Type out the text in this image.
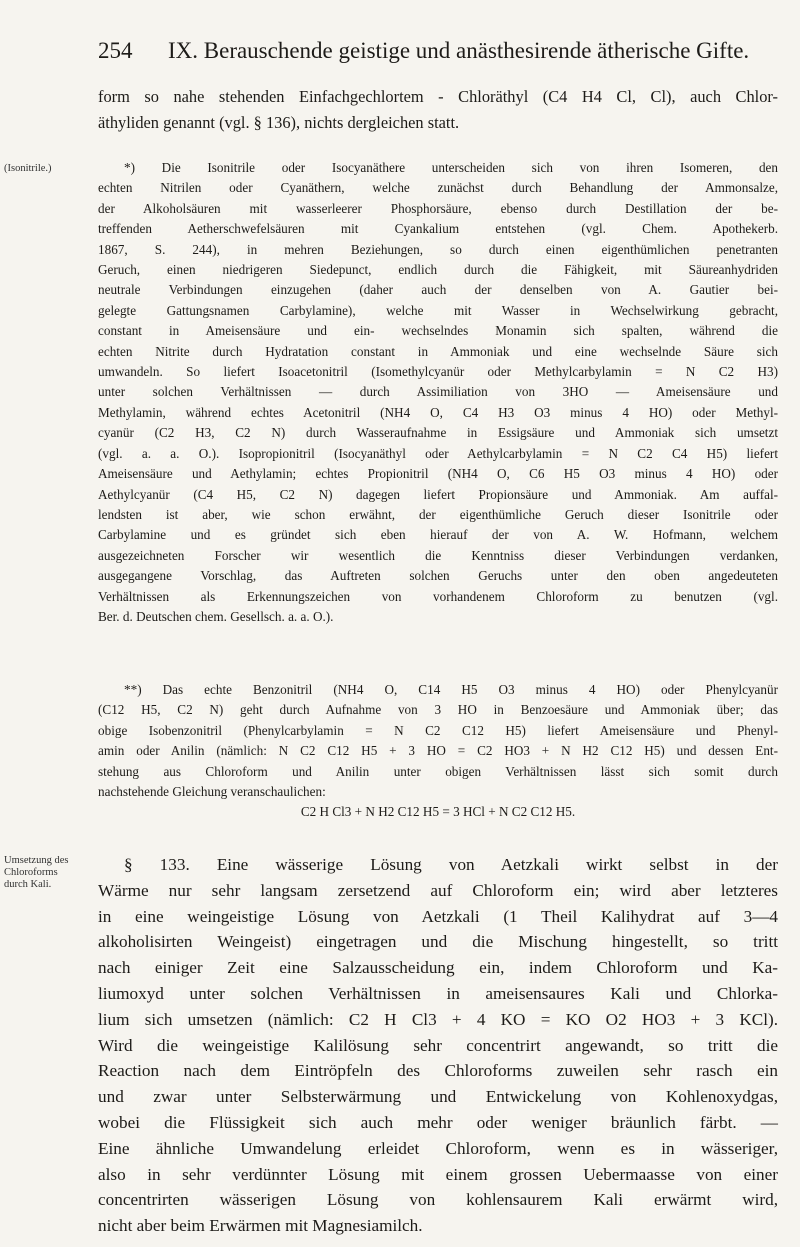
254 IX. Berauschende geistige und anästhesirende ätherische Gifte.
(Isonitrile.)
Umsetzung des Chloroforms durch Kali.
form so nahe stehenden Einfachgechlortem - Chloräthyl (C4 H4 Cl, Cl), auch Chlor-
äthyliden genannt (vgl. § 136), nichts dergleichen statt.
*) Die Isonitrile oder Isocyanäthere unterscheiden sich von ihren Isomeren, den
echten Nitrilen oder Cyanäthern, welche zunächst durch Behandlung der Ammonsalze,
der Alkoholsäuren mit wasserleerer Phosphorsäure, ebenso durch Destillation der be-
treffenden Aetherschwefelsäuren mit Cyankalium entstehen (vgl. Chem. Apothekerb.
1867, S. 244), in mehren Beziehungen, so durch einen eigenthümlichen penetranten
Geruch, einen niedrigeren Siedepunct, endlich durch die Fähigkeit, mit Säureanhydriden
neutrale Verbindungen einzugehen (daher auch der denselben von A. Gautier bei-
gelegte Gattungsnamen Carbylamine), welche mit Wasser in Wechselwirkung gebracht,
constant in Ameisensäure und ein- wechselndes Monamin sich spalten, während die
echten Nitrite durch Hydratation constant in Ammoniak und eine wechselnde Säure sich
umwandeln. So liefert Isoacetonitril (Isomethylcyanür oder Methylcarbylamin = N C2 H3)
unter solchen Verhältnissen — durch Assimiliation von 3HO — Ameisensäure und
Methylamin, während echtes Acetonitril (NH4 O, C4 H3 O3 minus 4 HO) oder Methyl-
cyanür (C2 H3, C2 N) durch Wasseraufnahme in Essigsäure und Ammoniak sich umsetzt
(vgl. a. a. O.). Isopropionitril (Isocyanäthyl oder Aethylcarbylamin = N C2 C4 H5) liefert
Ameisensäure und Aethylamin; echtes Propionitril (NH4 O, C6 H5 O3 minus 4 HO) oder
Aethylcyanür (C4 H5, C2 N) dagegen liefert Propionsäure und Ammoniak. Am auffal-
lendsten ist aber, wie schon erwähnt, der eigenthümliche Geruch dieser Isonitrile oder
Carbylamine und es gründet sich eben hierauf der von A. W. Hofmann, welchem
ausgezeichneten Forscher wir wesentlich die Kenntniss dieser Verbindungen verdanken,
ausgegangene Vorschlag, das Auftreten solchen Geruchs unter den oben angedeuteten
Verhältnissen als Erkennungszeichen von vorhandenem Chloroform zu benutzen (vgl.
Ber. d. Deutschen chem. Gesellsch. a. a. O.).
**) Das echte Benzonitril (NH4 O, C14 H5 O3 minus 4 HO) oder Phenylcyanür
(C12 H5, C2 N) geht durch Aufnahme von 3 HO in Benzoesäure und Ammoniak über; das
obige Isobenzonitril (Phenylcarbylamin = N C2 C12 H5) liefert Ameisensäure und Phenyl-
amin oder Anilin (nämlich: N C2 C12 H5 + 3 HO = C2 HO3 + N H2 C12 H5) und dessen Ent-
stehung aus Chloroform und Anilin unter obigen Verhältnissen lässt sich somit durch
nachstehende Gleichung veranschaulichen:
C2 H Cl3 + N H2 C12 H5 = 3 HCl + N C2 C12 H5.
§ 133. Eine wässerige Lösung von Aetzkali wirkt selbst in der
Wärme nur sehr langsam zersetzend auf Chloroform ein; wird aber letzteres
in eine weingeistige Lösung von Aetzkali (1 Theil Kalihydrat auf 3—4
alkoholisirten Weingeist) eingetragen und die Mischung hingestellt, so tritt
nach einiger Zeit eine Salzausscheidung ein, indem Chloroform und Ka-
liumoxyd unter solchen Verhältnissen in ameisensaures Kali und Chlorka-
lium sich umsetzen (nämlich: C2 H Cl3 + 4 KO = KO O2 HO3 + 3 KCl).
Wird die weingeistige Kalilösung sehr concentrirt angewandt, so tritt die
Reaction nach dem Eintröpfeln des Chloroforms zuweilen sehr rasch ein
und zwar unter Selbsterwärmung und Entwickelung von Kohlenoxydgas,
wobei die Flüssigkeit sich auch mehr oder weniger bräunlich färbt. —
Eine ähnliche Umwandelung erleidet Chloroform, wenn es in wässeriger,
also in sehr verdünnter Lösung mit einem grossen Uebermaasse von einer
concentrirten wässerigen Lösung von kohlensaurem Kali erwärmt wird,
nicht aber beim Erwärmen mit Magnesiamilch.
